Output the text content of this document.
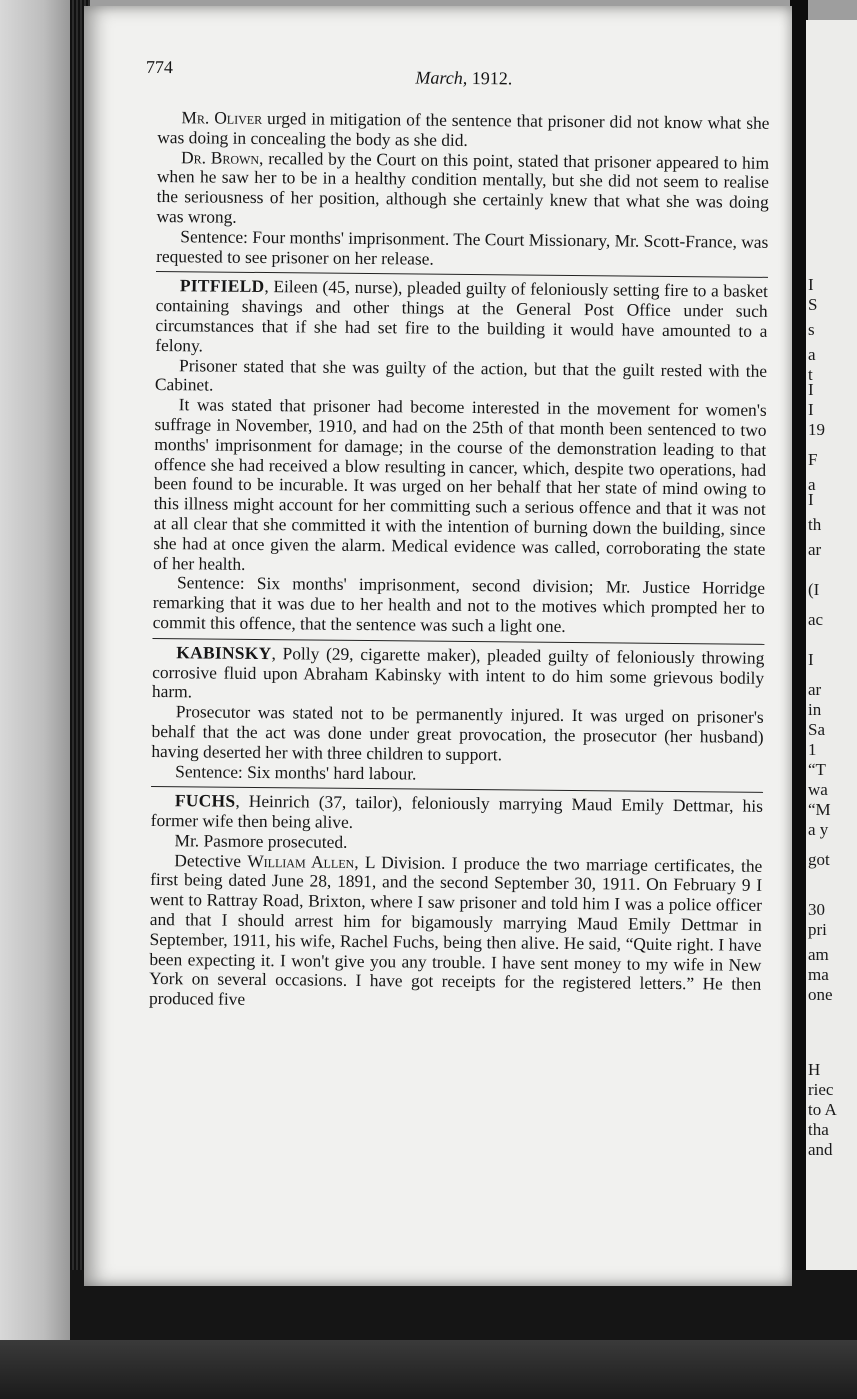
I
S
s
a
t
I
I
19
F
a
I
th
ar
(I
ac
I
ar
in
Sa
1
“T
wa
“M
a y
got
30
pri
am
ma
one
H
riec
to A
tha
and
774
March, 1912.

Mr. Oliver urged in mitigation of the sentence that prisoner did not know what she was doing in concealing the body as she did.

Dr. Brown, recalled by the Court on this point, stated that prisoner appeared to him when he saw her to be in a healthy condition mentally, but she did not seem to realise the seriousness of her position, although she certainly knew that what she was doing was wrong.

Sentence: Four months' imprisonment. The Court Missionary, Mr. Scott-France, was requested to see prisoner on her release.

PITFIELD, Eileen (45, nurse), pleaded guilty of feloniously setting fire to a basket containing shavings and other things at the General Post Office under such circumstances that if she had set fire to the building it would have amounted to a felony.

Prisoner stated that she was guilty of the action, but that the guilt rested with the Cabinet.

It was stated that prisoner had become interested in the movement for women's suffrage in November, 1910, and had on the 25th of that month been sentenced to two months' imprisonment for damage; in the course of the demonstration leading to that offence she had received a blow resulting in cancer, which, despite two operations, had been found to be incurable. It was urged on her behalf that her state of mind owing to this illness might account for her committing such a serious offence and that it was not at all clear that she committed it with the intention of burning down the building, since she had at once given the alarm. Medical evidence was called, corroborating the state of her health.

Sentence: Six months' imprisonment, second division; Mr. Justice Horridge remarking that it was due to her health and not to the motives which prompted her to commit this offence, that the sentence was such a light one.

KABINSKY, Polly (29, cigarette maker), pleaded guilty of feloniously throwing corrosive fluid upon Abraham Kabinsky with intent to do him some grievous bodily harm.

Prosecutor was stated not to be permanently injured. It was urged on prisoner's behalf that the act was done under great provocation, the prosecutor (her husband) having deserted her with three children to support.

Sentence: Six months' hard labour.

FUCHS, Heinrich (37, tailor), feloniously marrying Maud Emily Dettmar, his former wife then being alive.

Mr. Pasmore prosecuted.

Detective William Allen, L Division. I produce the two marriage certificates, the first being dated June 28, 1891, and the second September 30, 1911. On February 9 I went to Rattray Road, Brixton, where I saw prisoner and told him I was a police officer and that I should arrest him for bigamously marrying Maud Emily Dettmar in September, 1911, his wife, Rachel Fuchs, being then alive. He said, “Quite right. I have been expecting it. I won't give you any trouble. I have sent money to my wife in New York on several occasions. I have got receipts for the registered letters.” He then produced five
